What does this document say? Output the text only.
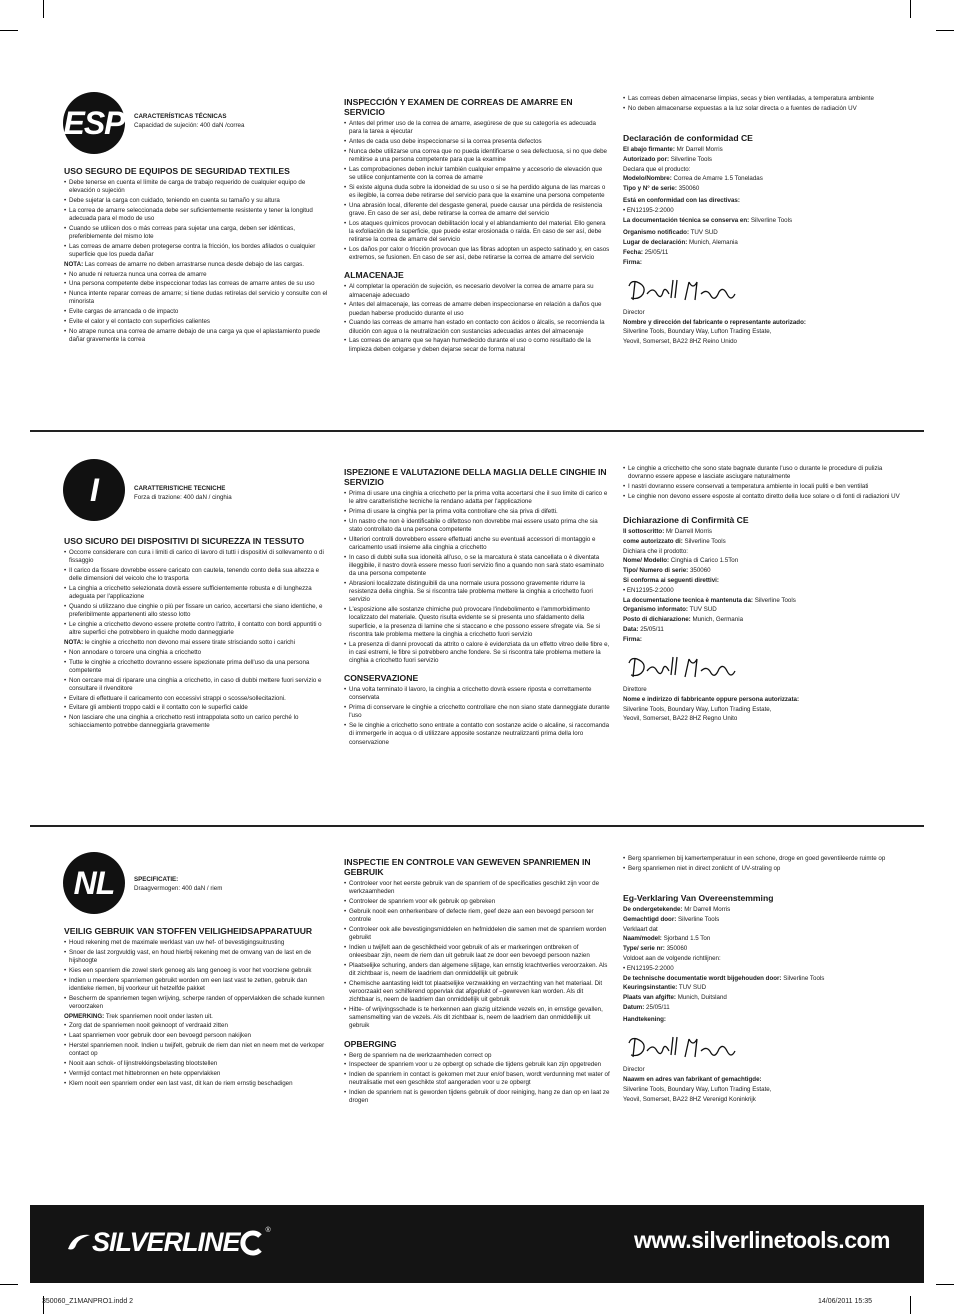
ESP CARACTERÍSTICAS TÉCNICAS
Capacidad de sujeción: 400 daN /correa
USO SEGURO DE EQUIPOS DE SEGURIDAD TEXTILES
• Debe tenerse en cuenta el límite de carga de trabajo requerido de cualquier equipo de elevación o sujeción
• Debe sujetar la carga con cuidado, teniendo en cuenta su tamaño y su altura
• La correa de amarre seleccionada debe ser suficientemente resistente y tener la longitud adecuada para el modo de uso
• Cuando se utilicen dos o más correas para sujetar una carga, deben ser idénticas, preferiblemente del mismo lote
• Las correas de amarre deben protegerse contra la fricción, los bordes afilados o cualquier superficie que los pueda dañar

NOTA: Las correas de amarre no deben arrastrarse nunca desde debajo de las cargas.

• No anude ni retuerza nunca una correa de amarre
• Una persona competente debe inspeccionar todas las correas de amarre antes de su uso
• Nunca intente reparar correas de amarre; si tiene dudas retírelas del servicio y consulte con el minorista
• Evite cargas de arrancada o de impacto
• Evite el calor y el contacto con superficies calientes
• No atrape nunca una correa de amarre debajo de una carga ya que el aplastamiento puede dañar gravemente la correa
INSPECCIÓN Y EXAMEN DE CORREAS DE AMARRE EN SERVICIO
• Antes del primer uso de la correa de amarre, asegúrese de que su categoría es adecuada para la tarea a ejecutar
• Antes de cada uso debe inspeccionarse si la correa presenta defectos
• Nunca debe utilizarse una correa que no pueda identificarse o sea defectuosa, si no que debe remitirse a una persona competente para que la examine
• Las comprobaciones deben incluir también cualquier empalme y accesorio de elevación que se utilice conjuntamente con la correa de amarre
• Si existe alguna duda sobre la idoneidad de su uso o si se ha perdido alguna de las marcas o es ilegible, la correa debe retirarse del servicio para que la examine una persona competente
• Una abrasión local, diferente del desgaste general, puede causar una pérdida de resistencia grave. En caso de ser así, debe retirarse la correa de amarre del servicio
• Los ataques químicos provocan debilitación local y el ablandamiento del material. Ello genera la exfoliación de la superficie, que puede estar erosionada o raída. En caso de ser así, debe retirarse la correa de amarre del servicio
• Los daños por calor o fricción provocan que las fibras adopten un aspecto satinado y, en casos extremos, se fusionen. En caso de ser así, debe retirarse la correa de amarre del servicio
ALMACENAJE
• Al completar la operación de sujeción, es necesario devolver la correa de amarre para su almacenaje adecuado
• Antes del almacenaje, las correas de amarre deben inspeccionarse en relación a daños que puedan haberse producido durante el uso
• Cuando las correas de amarre han estado en contacto con ácidos o álcalis, se recomienda la dilución con agua o la neutralización con sustancias adecuadas antes del almacenaje
• Las correas de amarre que se hayan humedecido durante el uso o como resultado de la limpieza deben colgarse y deben dejarse secar de forma natural
• Las correas deben almacenarse limpias, secas y bien ventiladas, a temperatura ambiente
• No deben almacenarse expuestas a la luz solar directa o a fuentes de radiación UV
Declaración de conformidad CE

El abajo firmante: Mr Darrell Morris

Autorizado por: Silverline Tools

Declara que el producto:

Modelo/Nombre: Correa de Amarre 1.5 Toneladas

Tipo y N° de serie: 350060

Está en conformidad con las directivas:

• EN12195-2:2000

La documentación técnica se conserva en: Silverline Tools

Organismo notificado: TUV SUD

Lugar de declaración: Munich, Alemania

Fecha: 25/05/11

Firma:

Director

Nombre y dirección del fabricante o representante autorizado:

Silverline Tools, Boundary Way, Lufton Trading Estate,

Yeovil, Somerset, BA22 8HZ Reino Unido

I	CARATTERISTICHE TECNICHE
Forza di trazione: 400 daN / cinghia
USO SICURO DEI DISPOSITIVI DI SICUREZZA IN TESSUTO
• Occorre considerare con cura i limiti di carico di lavoro di tutti i dispositivi di sollevamento o di fissaggio
• Il carico da fissare dovrebbe essere caricato con cautela, tenendo conto della sua altezza e delle dimensioni del veicolo che lo trasporta
• La cinghia a cricchetto selezionata dovrà essere sufficientemente robusta e di lunghezza adeguata per l'applicazione
• Quando si utilizzano due cinghie o più per fissare un carico, accertarsi che siano identiche, e preferibilmente appartenenti allo stesso lotto
• Le cinghie a cricchetto devono essere protette contro l'attrito, il contatto con bordi appuntiti o altre superfici che potrebbero in qualche modo danneggiarle

NOTA: le cinghie a cricchetto non devono mai essere tirate strisciando sotto i carichi

• Non annodare o torcere una cinghia a cricchetto
• Tutte le cinghie a cricchetto dovranno essere ispezionate prima dell'uso da una persona competente
• Non cercare mai di riparare una cinghia a cricchetto, in caso di dubbi mettere fuori servizio e consultare il rivenditore
• Evitare di effettuare il caricamento con eccessivi strappi o scosse/sollecitazioni.
• Evitare gli ambienti troppo caldi e il contatto con le superfici calde
• Non lasciare che una cinghia a cricchetto resti intrappolata sotto un carico perché lo schiacciamento potrebbe danneggiarla gravemente
ISPEZIONE E VALUTAZIONE DELLA MAGLIA DELLE CINGHIE IN SERVIZIO
• Prima di usare una cinghia a cricchetto per la prima volta accertarsi che il suo limite di carico e le altre caratteristiche tecniche la rendano adatta per l'applicazione
• Prima di usare la cinghia per la prima volta controllare che sia priva di difetti.
• Un nastro che non è identificabile o difettoso non dovrebbe mai essere usato prima che sia stato controllato da una persona competente
• Ulteriori controlli dovrebbero essere effettuati anche su eventuali accessori di montaggio e caricamento usati insieme alla cinghia a cricchetto
• In caso di dubbi sulla sua idoneità all'uso, o se la marcatura è stata cancellata o è diventata illeggibile, il nastro dovrà essere messo fuori servizio fino a quando non sarà stato esaminato da una persona competente
• Abrasioni localizzate distinguibili da una normale usura possono gravemente ridurre la resistenza della cinghia. Se si riscontra tale problema mettere la cinghia a cricchetto fuori servizio
• L'esposizione alle sostanze chimiche può provocare l'indebolimento e l'ammorbidimento localizzato del materiale. Questo risulta evidente se si presenta uno sfaldamento della superficie, e la presenza di lamine che si staccano e che possono essere sfregate via. Se si riscontra tale problema mettere la cinghia a cricchetto fuori servizio
• La presenza di danni provocati da attrito o calore è evidenziata da un effetto vitreo delle fibre e, in casi estremi, le fibre si potrebbero anche fondere. Se si riscontra tale problema mettere la cinghia a cricchetto fuori servizio
CONSERVAZIONE
• Una volta terminato il lavoro, la cinghia a cricchetto dovrà essere riposta e correttamente conservata
• Prima di conservare le cinghie a cricchetto controllare che non siano state danneggiate durante l'uso
• Se le cinghie a cricchetto sono entrate a contatto con sostanze acide o alcaline, si raccomanda di immergerle in acqua o di utilizzare apposite sostanze neutralizzanti prima della loro conservazione
• Le cinghie a cricchetto che sono state bagnate durante l'uso o durante le procedure di pulizia dovranno essere appese e lasciate asciugare naturalmente
• I nastri dovranno essere conservati a temperatura ambiente in locali puliti e ben ventilati
• Le cinghie non devono essere esposte al contatto diretto della luce solare o di fonti di radiazioni UV
Dichiarazione di Confirmità CE

Il sottoscritto: Mr Darrell Morris

come autorizzato di: Silverline Tools

Dichiara che il prodotto:

Nome/ Modello: Cinghia di Carico 1.5Ton

Tipo/ Numero di serie: 350060

Si conforma ai seguenti direttivi:

• EN12195-2:2000

La documentazione tecnica è mantenuta da: Silverline Tools

Organismo informato: TUV SUD

Posto di dichiarazione: Munich, Germania

Data: 25/05/11

Firma:

Direttore

Nome e indirizzo di fabbricante oppure persona autorizzata:

Silverline Tools, Boundary Way, Lufton Trading Estate,

Yeovil, Somerset, BA22 8HZ Regno Unito

NL	SPECIFICATIE:
Draagvermogen: 400 daN / riem
VEILIG GEBRUIK VAN STOFFEN VEILIGHEIDSAPPARATUUR
• Houd rekening met de maximale werklast van uw hef- of bevestigingsuitrusting
• Snoer de last zorgvuldig vast, en houd hierbij rekening met de omvang van de last en de hijshoogte
• Kies een spanriem die zowel sterk genoeg als lang genoeg is voor het voorziene gebruik
• Indien u meerdere spanriemen gebruikt worden om een last vast te zetten, gebruik dan identieke riemen, bij voorkeur uit hetzelfde pakket
• Bescherm de spanriemen tegen wrijving, scherpe randen of oppervlakken die schade kunnen veroorzaken

OPMERKING: Trek spanriemen nooit onder lasten uit.

• Zorg dat de spanriemen nooit geknoopt of verdraaid zitten
• Laat spanriemen voor gebruik door een bevoegd persoon nakijken
• Herstel spanriemen nooit. Indien u twijfelt, gebruik de riem dan niet en neem met de verkoper contact op
• Nooit aan schok- of lijnstrekkingsbelasting blootstellen
• Vermijd contact met hittebronnen en hete oppervlakken
• Klem nooit een spanriem onder een last vast, dit kan de riem ernstig beschadigen
INSPECTIE EN CONTROLE VAN GEWEVEN SPANRIEMEN IN GEBRUIK
• Controleer voor het eerste gebruik van de spanriem of de specificaties geschikt zijn voor de werkzaamheden
• Controleer de spanriem voor elk gebruik op gebreken
• Gebruik nooit een onherkenbare of defecte riem, geef deze aan een bevoegd persoon ter controle
• Controleer ook alle bevestigingsmiddelen en hefmiddelen die samen met de spanriem worden gebruikt
• Indien u twijfelt aan de geschiktheid voor gebruik of als er markeringen ontbreken of onleesbaar zijn, neem de riem dan uit gebruik laat ze door een bevoegd persoon nazien
• Plaatselijke schuring, anders dan algemene slijtage, kan ernstig krachtverlies veroorzaken. Als dit zichtbaar is, neem de laadriem dan onmiddellijk uit gebruik
• Chemische aantasting leidt tot plaatselijke verzwakking en verzachting van het materiaal. Dit veroorzaakt een schilferend oppervlak dat afgeplukt of –gewreven kan worden. Als dit zichtbaar is, neem de laadriem dan onmiddellijk uit gebruik
• Hitte- of wrijvingsschade is te herkennen aan glazig uitziende vezels en, in ernstige gevallen, samensmelting van de vezels. Als dit zichtbaar is, neem de laadriem dan onmiddellijk uit gebruik
OPBERGING
• Berg de spanriem na de werkzaamheden correct op
• Inspecteer de spanriem voor u ze opbergt op schade die tijdens gebruik kan zijn opgetreden
• Indien de spanriem in contact is gekomen met zuur en/of basen, wordt verdunning met water of neutralisatie met een geschikte stof aangeraden voor u ze opbergt
• Indien de spanriem nat is geworden tijdens gebruik of door reiniging, hang ze dan op en laat ze drogen
• Berg spanriemen bij kamertemperatuur in een schone, droge en goed geventileerde ruimte op
• Berg spanriemen niet in direct zonlicht of UV-straling op
Eg-Verklaring Van Overeenstemming

De ondergetekende: Mr Darrell Morris

Gemachtigd door: Silverline Tools

Verklaart dat

Naam/model: Sjorband 1.5 Ton

Type/ serie nr: 350060

Voldoet aan de volgende richtlijnen:

• EN12195-2:2000

De technische documentatie wordt bijgehouden door: Silverline Tools

Keuringsinstantie: TUV SUD

Plaats van afgifte: Munich, Duitsland

Datum: 25/05/11

Handtekening:

Director

Naawm en adres van fabrikant of gemachtigde:

Silverline Tools, Boundary Way, Lufton Trading Estate,

Yeovil, Somerset, BA22 8HZ Verenigd Koninkrijk

SILVERLINE	®	www.silverlinetools.com
350060_Z1MANPRO1.indd 2	14/06/2011 15:35
